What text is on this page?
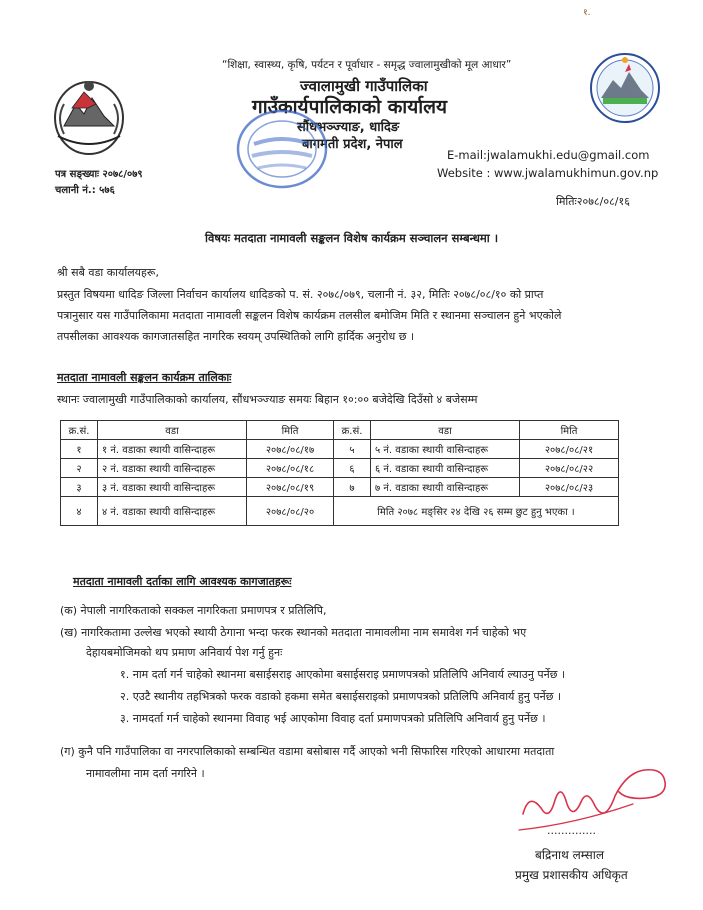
१.
“शिक्षा, स्वास्थ्य, कृषि, पर्यटन र पूर्वाधार - समृद्ध ज्वालामुखीको मूल आधार”
ज्वालामुखी गाउँपालिका
गाउँकार्यपालिकाको कार्यालय
सौंधभञ्ज्याङ, धादिङ
बागमती प्रदेश, नेपाल
E-mail:jwalamukhi.edu@gmail.com
Website : www.jwalamukhimun.gov.np
पत्र सङ्ख्याः २०७८/०७९
चलानी नं.: ५७६
मितिः२०७८/०८/१६
विषयः मतदाता नामावली सङ्कलन विशेष कार्यक्रम सञ्चालन सम्बन्धमा ।
श्री सबै वडा कार्यालयहरू,
प्रस्तुत विषयमा धादिङ जिल्ला निर्वाचन कार्यालय धादिङको प. सं. २०७८/०७९, चलानी नं. ३२, मितिः २०७८/०८/१० को प्राप्त
पत्रानुसार यस गाउँपालिकामा मतदाता नामावली सङ्कलन विशेष कार्यक्रम तलसील बमोजिम मिति र स्थानमा सञ्चालन हुने भएकोले
तपसीलका आवश्यक कागजातसहित नागरिक स्वयम् उपस्थितिको लागि हार्दिक अनुरोध छ ।
मतदाता नामावली सङ्कलन कार्यक्रम तालिकाः
स्थानः ज्वालामुखी गाउँपालिकाको कार्यालय, सौंधभञ्ज्याङ समयः बिहान १०:०० बजेदेखि दिउँसो ४ बजेसम्म
क्र.सं.	वडा	मिति	क्र.सं.	वडा	मिति
१	१ नं. वडाका स्थायी वासिन्दाहरू	२०७८/०८/१७	५	५ नं. वडाका स्थायी वासिन्दाहरू	२०७८/०८/२१
२	२ नं. वडाका स्थायी वासिन्दाहरू	२०७८/०८/१८	६	६ नं. वडाका स्थायी वासिन्दाहरू	२०७८/०८/२२
३	३ नं. वडाका स्थायी वासिन्दाहरू	२०७८/०८/१९	७	७ नं. वडाका स्थायी वासिन्दाहरू	२०७८/०८/२३
४	४ नं. वडाका स्थायी वासिन्दाहरू	२०७८/०८/२०	मिति २०७८ मङ्सिर २४ देखि २६ सम्म छुट हुनु भएका ।		
मतदाता नामावली दर्ताका लागि आवश्यक कागजातहरूः
(क) नेपाली नागरिकताको सक्कल नागरिकता प्रमाणपत्र र प्रतिलिपि,
(ख) नागरिकतामा उल्लेख भएको स्थायी ठेगाना भन्दा फरक स्थानको मतदाता नामावलीमा नाम समावेश गर्न चाहेको भए
देहायबमोजिमको थप प्रमाण अनिवार्य पेश गर्नु हुनः
१. नाम दर्ता गर्न चाहेको स्थानमा बसाईसराइ आएकोमा बसाईसराइ प्रमाणपत्रको प्रतिलिपि अनिवार्य ल्याउनु पर्नेछ ।
२. एउटै स्थानीय तहभित्रको फरक वडाको हकमा समेत बसाईसराइको प्रमाणपत्रको प्रतिलिपि अनिवार्य हुनु पर्नेछ ।
३. नामदर्ता गर्न चाहेको स्थानमा विवाह भई आएकोमा विवाह दर्ता प्रमाणपत्रको प्रतिलिपि अनिवार्य हुनु पर्नेछ ।
(ग) कुनै पनि गाउँपालिका वा नगरपालिकाको सम्बन्धित वडामा बसोबास गर्दै आएको भनी सिफारिस गरिएको आधारमा मतदाता
नामावलीमा नाम दर्ता नगरिने ।
..............
बद्रिनाथ लम्साल
प्रमुख प्रशासकीय अधिकृत
